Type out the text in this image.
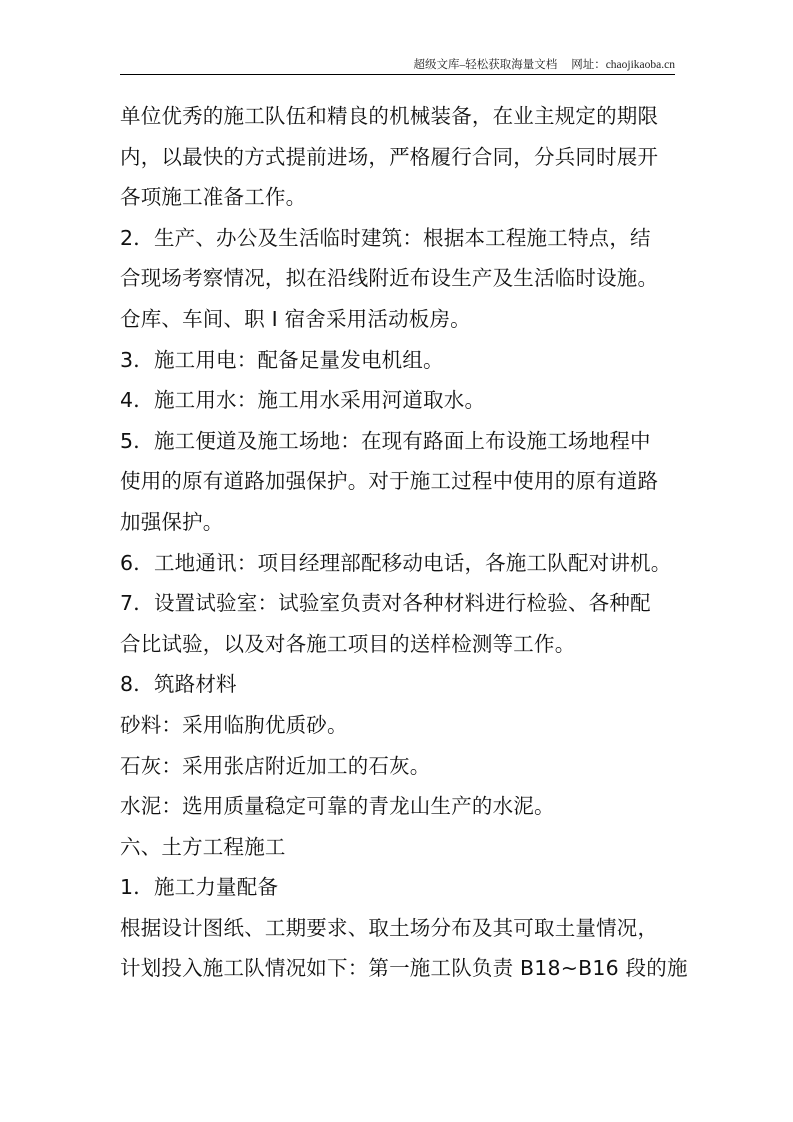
超级文库–轻松获取海量文档 网址：chaojikaoba.cn
单位优秀的施工队伍和精良的机械装备，在业主规定的期限
内，以最快的方式提前进场，严格履行合同，分兵同时展开
各项施工准备工作。
2．生产、办公及生活临时建筑：根据本工程施工特点，结
合现场考察情况，拟在沿线附近布设生产及生活临时设施。
仓库、车间、职 I 宿舍采用活动板房。
3．施工用电：配备足量发电机组。
4．施工用水：施工用水采用河道取水。
5．施工便道及施工场地：在现有路面上布设施工场地程中
使用的原有道路加强保护。对于施工过程中使用的原有道路
加强保护。
6．工地通讯：项目经理部配移动电话，各施工队配对讲机。
7．设置试验室：试验室负责对各种材料进行检验、各种配
合比试验，以及对各施工项目的送样检测等工作。
8．筑路材料
砂料：采用临朐优质砂。
石灰：采用张店附近加工的石灰。
水泥：选用质量稳定可靠的青龙山生产的水泥。
六、土方工程施工
1．施工力量配备
根据设计图纸、工期要求、取土场分布及其可取土量情况，
计划投入施工队情况如下：第一施工队负责 B18~B16 段的施
